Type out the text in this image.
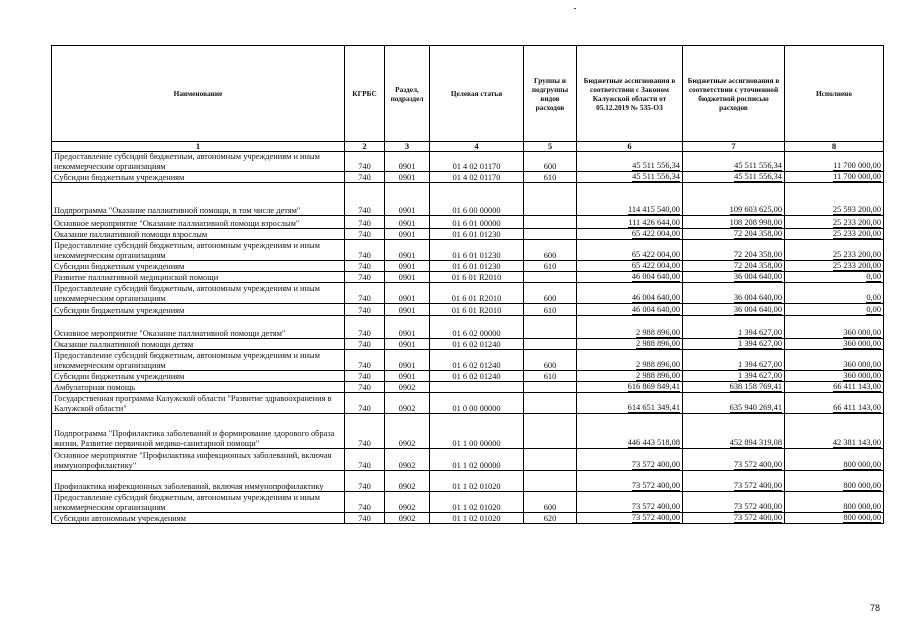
Наименование	КГРБС	Раздел, подраздел	Целевая статья	Группы и подгруппы видов расходов	Бюджетные ассигнования в соответствии с Законом Калужской области от 05.12.2019 № 535-ОЗ	Бюджетные ассигнования в соответствии с уточненной бюджетной росписью расходов	Исполнено
1	2	3	4	5	6	7	8
Предоставление субсидий бюджетным, автономным учреждениям и иным некоммерческим организациям	740	0901	01 4 02 01170	600	45 511 556,34	45 511 556,34	11 700 000,00
Субсидии бюджетным учреждениям	740	0901	01 4 02 01170	610	45 511 556,34	45 511 556,34	11 700 000,00
Подпрограмма "Оказание паллиативной помощи, в том числе детям"	740	0901	01 6 00 00000		114 415 540,00	109 603 625,00	25 593 200,00
Основное мероприятие "Оказание паллиативной помощи взрослым"	740	0901	01 6 01 00000		111 426 644,00	108 208 998,00	25 233 200,00
Оказание паллиативной помощи взрослым	740	0901	01 6 01 01230		65 422 004,00	72 204 358,00	25 233 200,00
Предоставление субсидий бюджетным, автономным учреждениям и иным некоммерческим организациям	740	0901	01 6 01 01230	600	65 422 004,00	72 204 358,00	25 233 200,00
Субсидии бюджетным учреждениям	740	0901	01 6 01 01230	610	65 422 004,00	72 204 358,00	25 233 200,00
Развитие паллиативной медицинской помощи	740	0901	01 6 01 R2010		46 004 640,00	36 004 640,00	0,00
Предоставление субсидий бюджетным, автономным учреждениям и иным некоммерческим организациям	740	0901	01 6 01 R2010	600	46 004 640,00	36 004 640,00	0,00
Субсидии бюджетным учреждениям	740	0901	01 6 01 R2010	610	46 004 640,00	36 004 640,00	0,00
Основное мероприятие "Оказание паллиативной помощи детям"	740	0901	01 6 02 00000		2 988 896,00	1 394 627,00	360 000,00
Оказание паллиативной помощи детям	740	0901	01 6 02 01240		2 988 896,00	1 394 627,00	360 000,00
Предоставление субсидий бюджетным, автономным учреждениям и иным некоммерческим организациям	740	0901	01 6 02 01240	600	2 988 896,00	1 394 627,00	360 000,00
Субсидии бюджетным учреждениям	740	0901	01 6 02 01240	610	2 988 896,00	1 394 627,00	360 000,00
Амбулаторная помощь	740	0902			616 869 849,41	638 158 769,41	66 411 143,00
Государственная программа Калужской области "Развитие здравоохранения в Калужской области"	740	0902	01 0 00 00000		614 651 349,41	635 940 269,41	66 411 143,00
Подпрограмма "Профилактика заболеваний и формирование здорового образа жизни. Развитие первичной медико-санитарной помощи"	740	0902	01 1 00 00000		446 443 518,08	452 894 319,08	42 381 143,00
Основное мероприятие "Профилактика инфекционных заболеваний, включая иммунопрофилактику"	740	0902	01 1 02 00000		73 572 400,00	73 572 400,00	800 000,00
Профилактика инфекционных заболеваний, включая иммунопрофилактику	740	0902	01 1 02 01020		73 572 400,00	73 572 400,00	800 000,00
Предоставление субсидий бюджетным, автономным учреждениям и иным некоммерческим организациям	740	0902	01 1 02 01020	600	73 572 400,00	73 572 400,00	800 000,00
Субсидии автономным учреждениям	740	0902	01 1 02 01020	620	73 572 400,00	73 572 400,00	800 000,00
78
